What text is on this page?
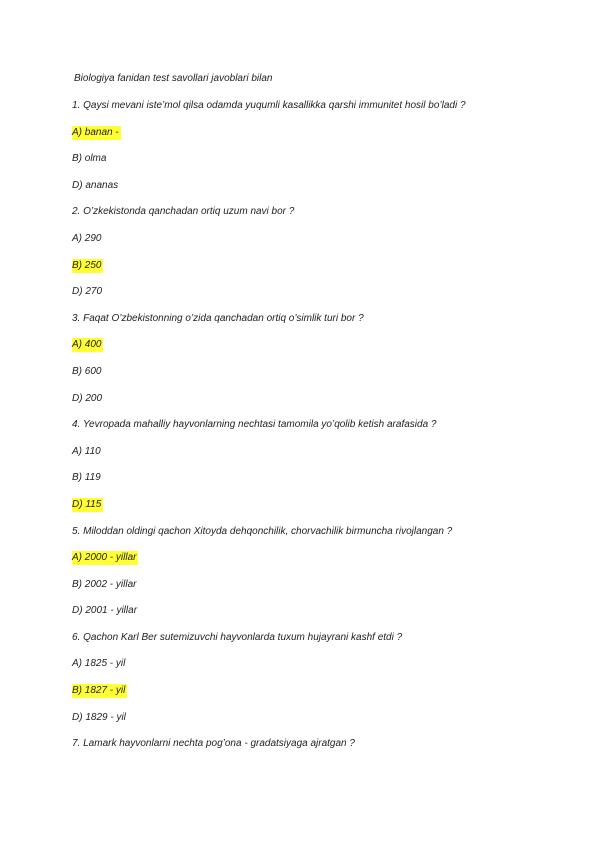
Biologiya fanidan test savollari javoblari bilan
1. Qaysi mevani iste’mol qilsa odamda yuqumli kasallikka qarshi immunitet hosil bo’ladi ?
A) banan -
B) olma
D) ananas
2. O’zkekistonda qanchadan ortiq uzum navi bor ?
A) 290
B) 250
D) 270
3. Faqat O’zbekistonning o’zida qanchadan ortiq o’simlik turi bor ?
A) 400
B) 600
D) 200
4. Yevropada mahalliy hayvonlarning nechtasi tamomila yo’qolib ketish arafasida ?
A) 110
B) 119
D) 115
5. Miloddan oldingi qachon Xitoyda dehqonchilik, chorvachilik birmuncha rivojlangan ?
A) 2000 - yillar
B) 2002 - yillar
D) 2001 - yillar
6. Qachon Karl Ber sutemizuvchi hayvonlarda tuxum hujayrani kashf etdi ?
A) 1825 - yil
B) 1827 - yil
D) 1829 - yil
7. Lamark hayvonlarni nechta pog’ona - gradatsiyaga ajratgan ?
